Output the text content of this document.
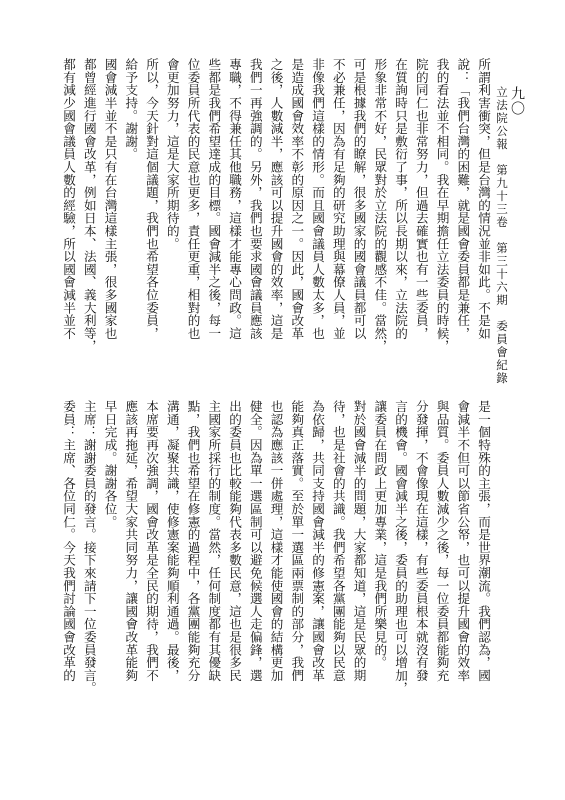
九〇
立法院公報　第九十三卷　第三十六期　委員會紀錄
所謂利害衝突，但是台灣的情況並非如此。不是如
說：「我們台灣的困難，就是國會委員都是兼任，
我的看法並不相同。我在早期擔任立法委員的時候，
院的同仁也非常努力，但過去確實也有一些委員，
在質詢時只是敷衍了事，所以長期以來，立法院的
形象非常不好，民眾對於立法院的觀感不佳。當然，
可是根據我們的瞭解，很多國家的國會議員都可以
不必兼任，因為有足夠的研究助理與幕僚人員，並
非像我們這樣的情形。而且國會議員人數太多，也
是造成國會效率不彰的原因之一。因此，國會改革
之後，人數減半，應該可以提升國會的效率，這是
我們一再強調的。另外，我們也要求國會議員應該
專職，不得兼任其他職務，這樣才能專心問政。這
些都是我們希望達成的目標。國會減半之後，每一
位委員所代表的民意也更多，責任更重，相對的也
會更加努力，這是大家所期待的。
所以，今天針對這個議題，我們也希望各位委員，
給予支持。謝謝。
國會減半並不是只有在台灣這樣主張，很多國家也
都曾經進行國會改革，例如日本、法國、義大利等，
都有減少國會議員人數的經驗，所以國會減半並不
是一個特殊的主張，而是世界潮流。我們認為，國
會減半不但可以節省公帑，也可以提升國會的效率
與品質。委員人數減少之後，每一位委員都能夠充
分發揮，不會像現在這樣，有些委員根本就沒有發
言的機會。國會減半之後，委員的助理也可以增加，
讓委員在問政上更加專業，這是我們所樂見的。
對於國會減半的問題，大家都知道，這是民眾的期
待，也是社會的共識。我們希望各黨團能夠以民意
為依歸，共同支持國會減半的修憲案，讓國會改革
能夠真正落實。至於單一選區兩票制的部分，我們
也認為應該一併處理，這樣才能使國會的結構更加
健全。因為單一選區制可以避免候選人走偏鋒，選
出的委員也比較能夠代表多數民意，這也是很多民
主國家所採行的制度。當然，任何制度都有其優缺
點，我們也希望在修憲的過程中，各黨團能夠充分
溝通，凝聚共識，使修憲案能夠順利通過。最後，
本席要再次強調，國會改革是全民的期待，我們不
應該再拖延，希望大家共同努力，讓國會改革能夠
早日完成。謝謝各位。
主席：謝謝委員的發言。接下來請下一位委員發言。
委員：主席、各位同仁。今天我們討論國會改革的
